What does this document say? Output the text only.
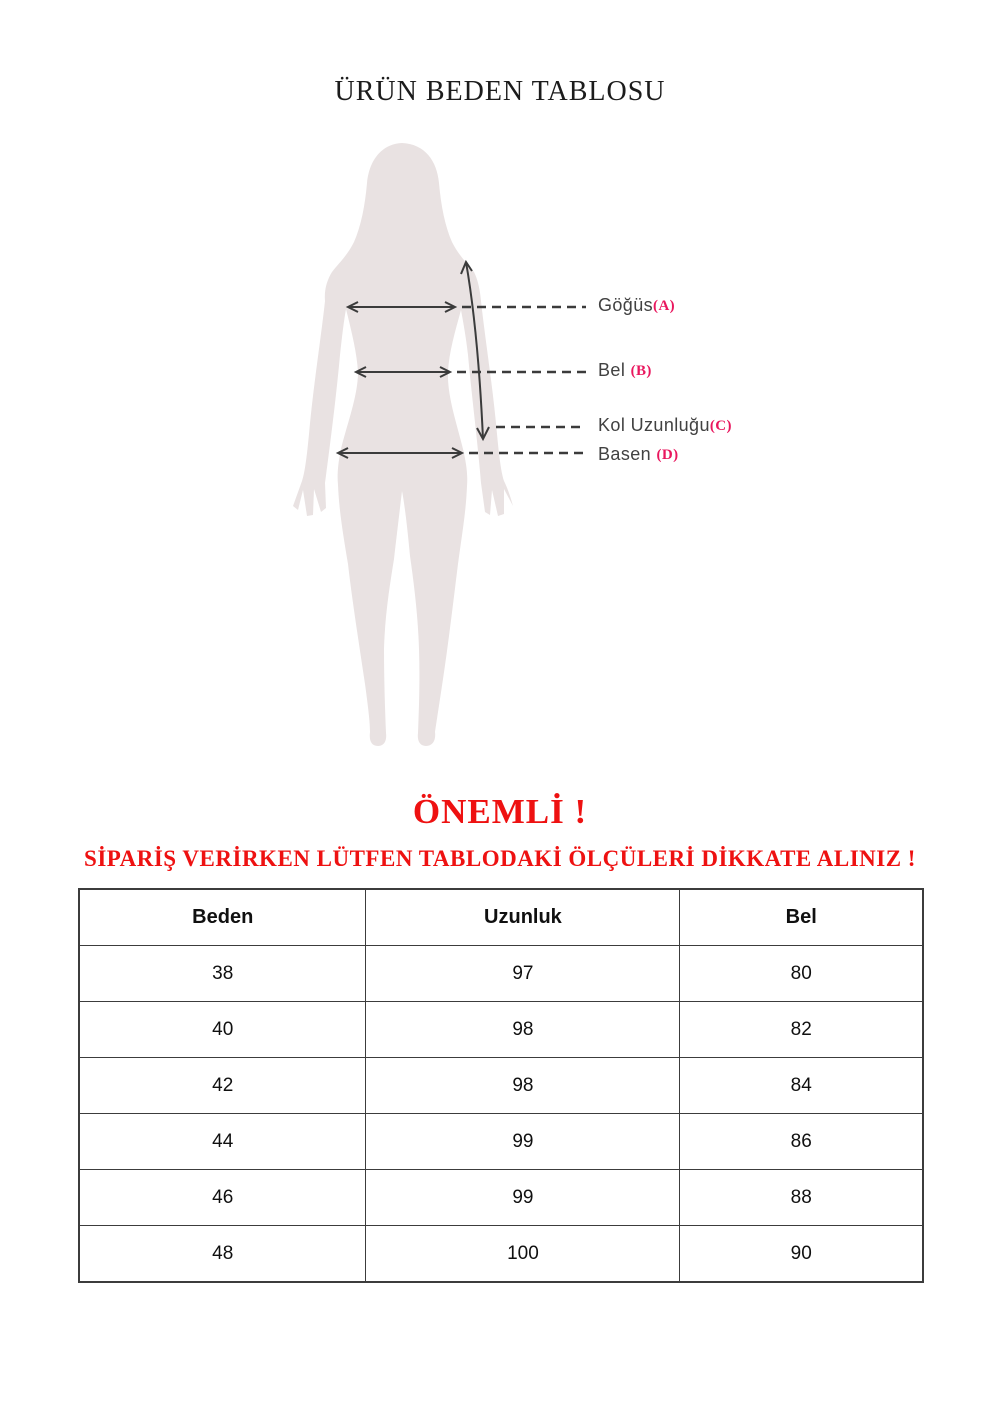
ÜRÜN BEDEN TABLOSU
Göğüs(A)
Bel (B)
Kol Uzunluğu(C)
Basen (D)

ÖNEMLİ !

SİPARİŞ VERİRKEN LÜTFEN TABLODAKİ ÖLÇÜLERİ DİKKATE ALINIZ !

Beden	Uzunluk	Bel
38	97	80
40	98	82
42	98	84
44	99	86
46	99	88
48	100	90
